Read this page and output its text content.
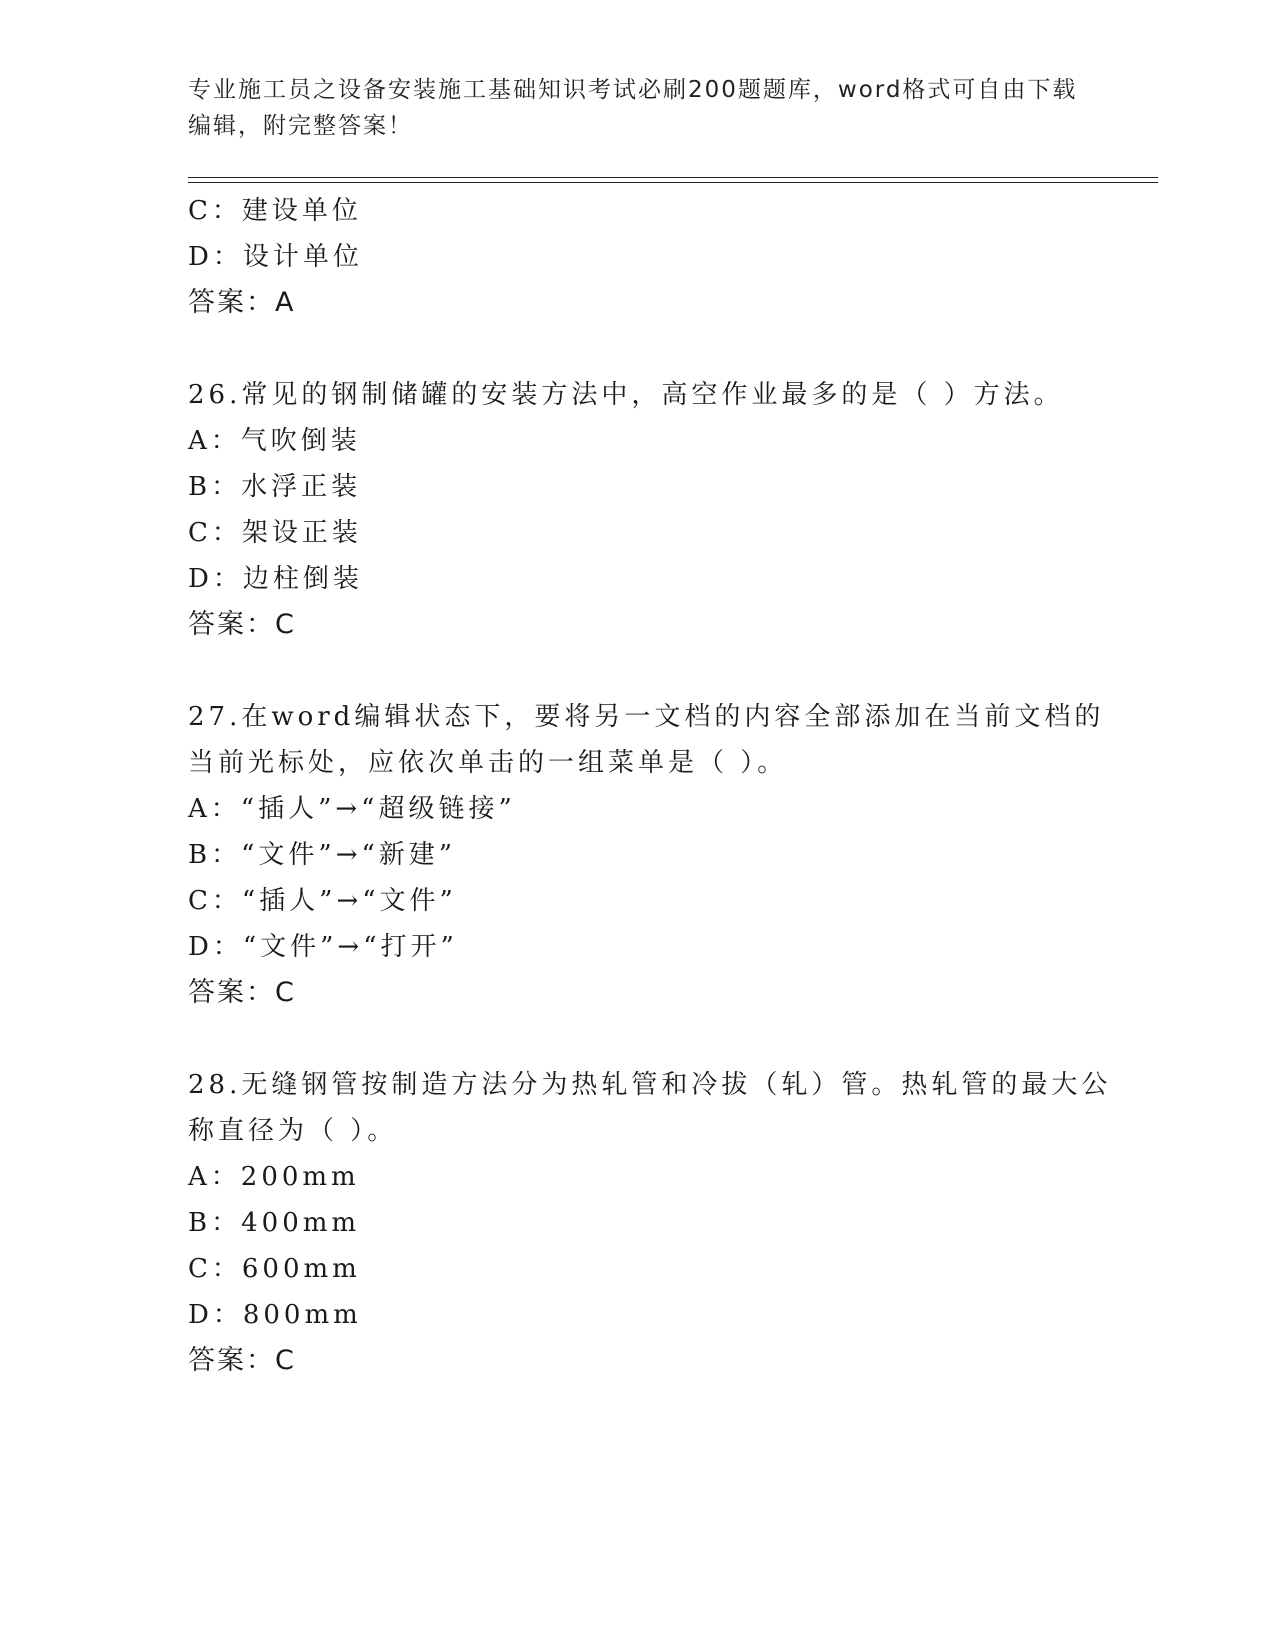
专业施工员之设备安装施工基础知识考试必刷200题题库，word格式可自由下载
编辑，附完整答案！
C：建设单位
D：设计单位
答案：A
26.常见的钢制储罐的安装方法中，高空作业最多的是（ ）方法。
A：气吹倒装
B：水浮正装
C：架设正装
D：边柱倒装
答案：C
27.在word编辑状态下，要将另一文档的内容全部添加在当前文档的
当前光标处，应依次单击的一组菜单是（ ）。
A：“插人”→“超级链接”
B：“文件”→“新建”
C：“插人”→“文件”
D：“文件”→“打开”
答案：C
28.无缝钢管按制造方法分为热轧管和冷拔（轧）管。热轧管的最大公
称直径为（ ）。
A：200mm
B：400mm
C：600mm
D：800mm
答案：C
